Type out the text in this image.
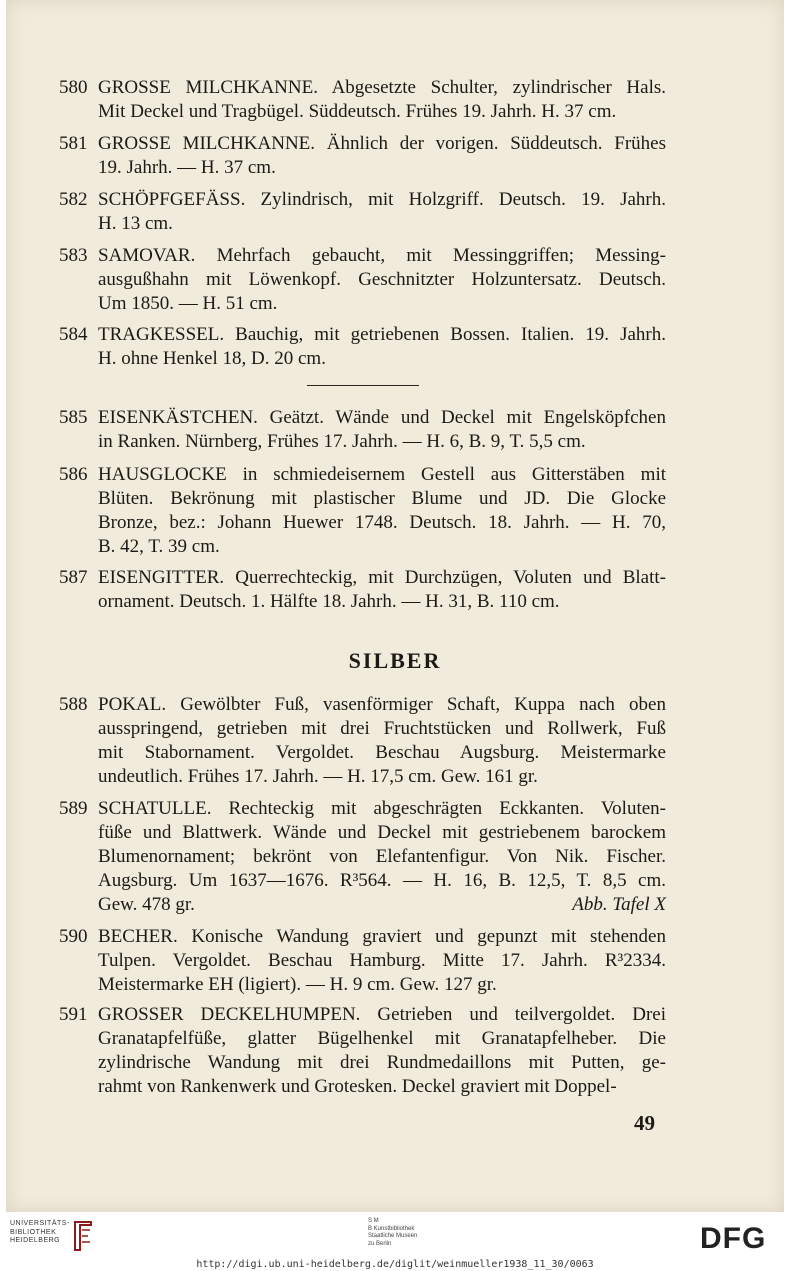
580 GROSSE MILCHKANNE. Abgesetzte Schulter, zylindrischer Hals.
Mit Deckel und Tragbügel. Süddeutsch. Frühes 19. Jahrh. H. 37 cm.
581 GROSSE MILCHKANNE. Ähnlich der vorigen. Süddeutsch. Frühes
19. Jahrh. — H. 37 cm.
582 SCHÖPFGEFÄSS. Zylindrisch, mit Holzgriff. Deutsch. 19. Jahrh.
H. 13 cm.
583 SAMOVAR. Mehrfach gebaucht, mit Messinggriffen; Messing-
ausgußhahn mit Löwenkopf. Geschnitzter Holzuntersatz. Deutsch.
Um 1850. — H. 51 cm.
584 TRAGKESSEL. Bauchig, mit getriebenen Bossen. Italien. 19. Jahrh.
H. ohne Henkel 18, D. 20 cm.
585 EISENKÄSTCHEN. Geätzt. Wände und Deckel mit Engelsköpfchen
in Ranken. Nürnberg, Frühes 17. Jahrh. — H. 6, B. 9, T. 5,5 cm.
586 HAUSGLOCKE in schmiedeisernem Gestell aus Gitterstäben mit
Blüten. Bekrönung mit plastischer Blume und JD. Die Glocke
Bronze, bez.: Johann Huewer 1748. Deutsch. 18. Jahrh. — H. 70,
B. 42, T. 39 cm.
587 EISENGITTER. Querrechteckig, mit Durchzügen, Voluten und Blatt-
ornament. Deutsch. 1. Hälfte 18. Jahrh. — H. 31, B. 110 cm.
588 POKAL. Gewölbter Fuß, vasenförmiger Schaft, Kuppa nach oben
ausspringend, getrieben mit drei Fruchtstücken und Rollwerk, Fuß
mit Stabornament. Vergoldet. Beschau Augsburg. Meistermarke
undeutlich. Frühes 17. Jahrh. — H. 17,5 cm. Gew. 161 gr.
589 SCHATULLE. Rechteckig mit abgeschrägten Eckkanten. Voluten-
füße und Blattwerk. Wände und Deckel mit gestriebenem barockem
Blumenornament; bekrönt von Elefantenfigur. Von Nik. Fischer.
Augsburg. Um 1637—1676. R³564. — H. 16, B. 12,5, T. 8,5 cm.
Gew. 478 gr.	Abb. Tafel X
590 BECHER. Konische Wandung graviert und gepunzt mit stehenden
Tulpen. Vergoldet. Beschau Hamburg. Mitte 17. Jahrh. R³2334.
Meistermarke EH (ligiert). — H. 9 cm. Gew. 127 gr.
591 GROSSER DECKELHUMPEN. Getrieben und teilvergoldet. Drei
Granatapfelfüße, glatter Bügelhenkel mit Granatapfelheber. Die
zylindrische Wandung mit drei Rundmedaillons mit Putten, ge-
rahmt von Rankenwerk und Grotesken. Deckel graviert mit Doppel-
SILBER
49
UNIVERSITÄTS-
BIBLIOTHEK
HEIDELBERG
S M
B Kunstbibliothek
Staatliche Museen
zu Berlin	DFG
http://digi.ub.uni-heidelberg.de/diglit/weinmueller1938_11_30/0063
